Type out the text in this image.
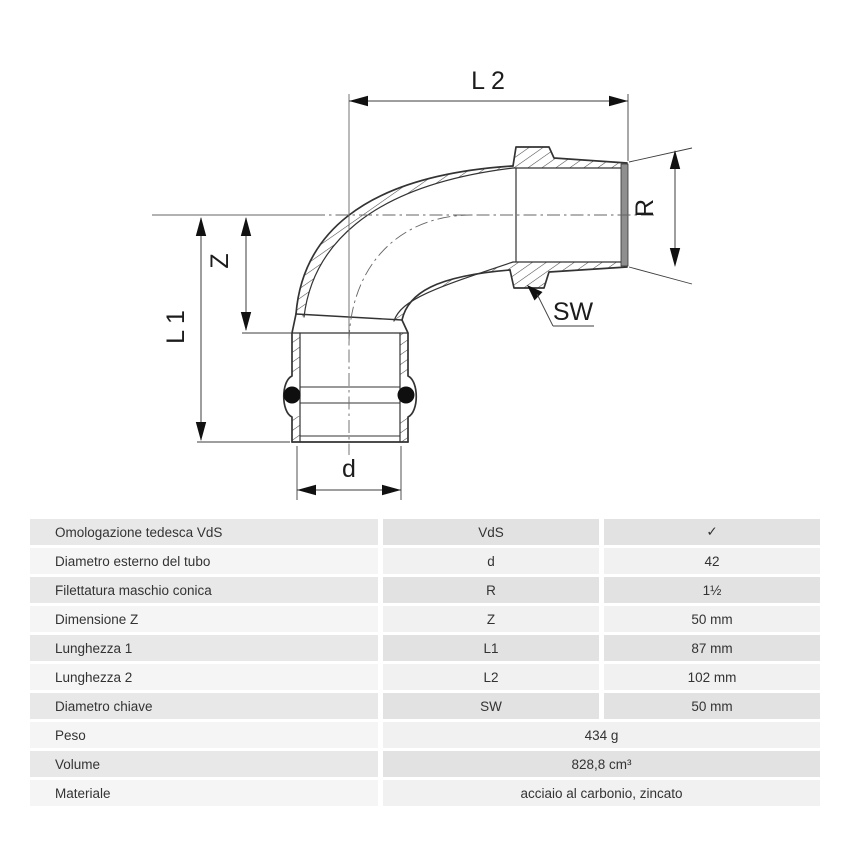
L 2
R
Z
L 1
d
SW
Omologazione tedesca VdS	VdS	✓
Diametro esterno del tubo	d	42
Filettatura maschio conica	R	1½
Dimensione Z	Z	50 mm
Lunghezza 1	L1	87 mm
Lunghezza 2	L2	102 mm
Diametro chiave	SW	50 mm
Peso	434 g
Volume	828,8 cm³
Materiale	acciaio al carbonio, zincato
